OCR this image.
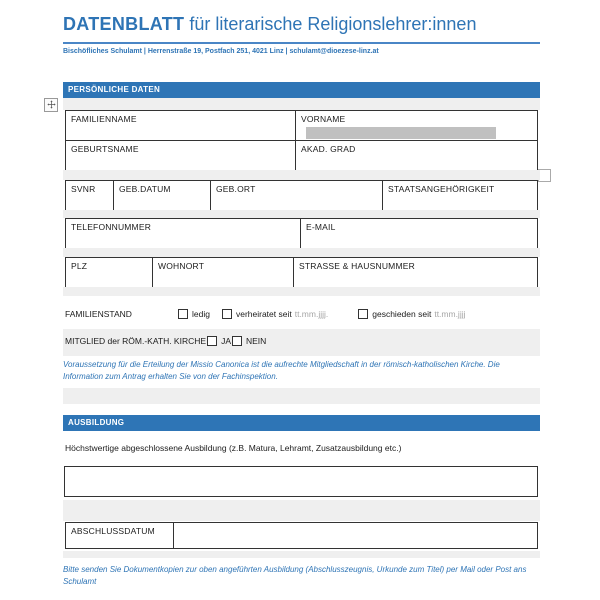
DATENBLATT für literarische Religionslehrer:innen
Bischöfliches Schulamt | Herrenstraße 19, Postfach 251, 4021 Linz | schulamt@dioezese-linz.at
PERSÖNLICHE DATEN
FAMILIENNAME	VORNAME

GEBURTSNAME	AKAD. GRAD
SVNR	GEB.DATUM	GEB.ORT	STAATSANGEHÖRIGKEIT
TELEFONNUMMER	E-MAIL
PLZ	WOHNORT	STRASSE & HAUSNUMMER
FAMILIENSTAND	ledig	verheiratet seit tt.mm.jjjj.	geschieden seit tt.mm.jjjj
MITGLIED der RÖM.-KATH. KIRCHE JA NEIN
Voraussetzung für die Erteilung der Missio Canonica ist die aufrechte Mitgliedschaft in der römisch-katholischen Kirche. Die Information zum Antrag erhalten Sie von der Fachinspektion.
AUSBILDUNG
Höchstwertige abgeschlossene Ausbildung (z.B. Matura, Lehramt, Zusatzausbildung etc.)
ABSCHLUSSDATUM	
Bitte senden Sie Dokumentkopien zur oben angeführten Ausbildung (Abschlusszeugnis, Urkunde zum Titel) per Mail oder Post ans Schulamt
